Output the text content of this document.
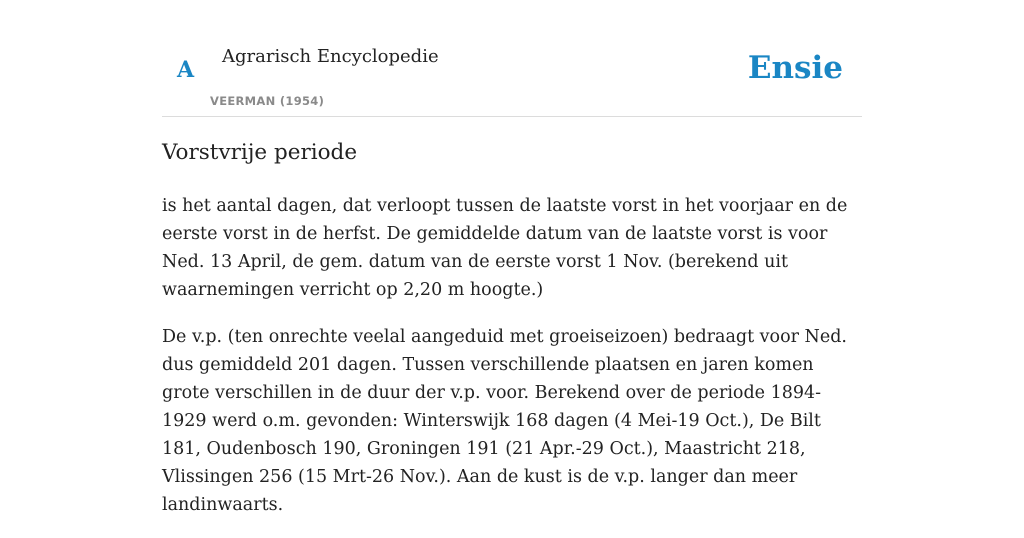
A
Agrarisch Encyclopedie
VEERMAN (1954)
Ensie
Vorstvrije periode

is het aantal dagen, dat verloopt tussen de laatste vorst in het voorjaar en de eerste vorst in de herfst. De gemiddelde datum van de laatste vorst is voor Ned. 13 April, de gem. datum van de eerste vorst 1 Nov. (berekend uit waarnemingen verricht op 2,20 m hoogte.)

De v.p. (ten onrechte veelal aangeduid met groeiseizoen) bedraagt voor Ned. dus gemiddeld 201 dagen. Tussen verschillende plaatsen en jaren komen grote verschillen in de duur der v.p. voor. Berekend over de periode 1894-1929 werd o.m. gevonden: Winterswijk 168 dagen (4 Mei-19 Oct.), De Bilt 181, Oudenbosch 190, Groningen 191 (21 Apr.-29 Oct.), Maastricht 218, Vlissingen 256 (15 Mrt-26 Nov.). Aan de kust is de v.p. langer dan meer landinwaarts.
